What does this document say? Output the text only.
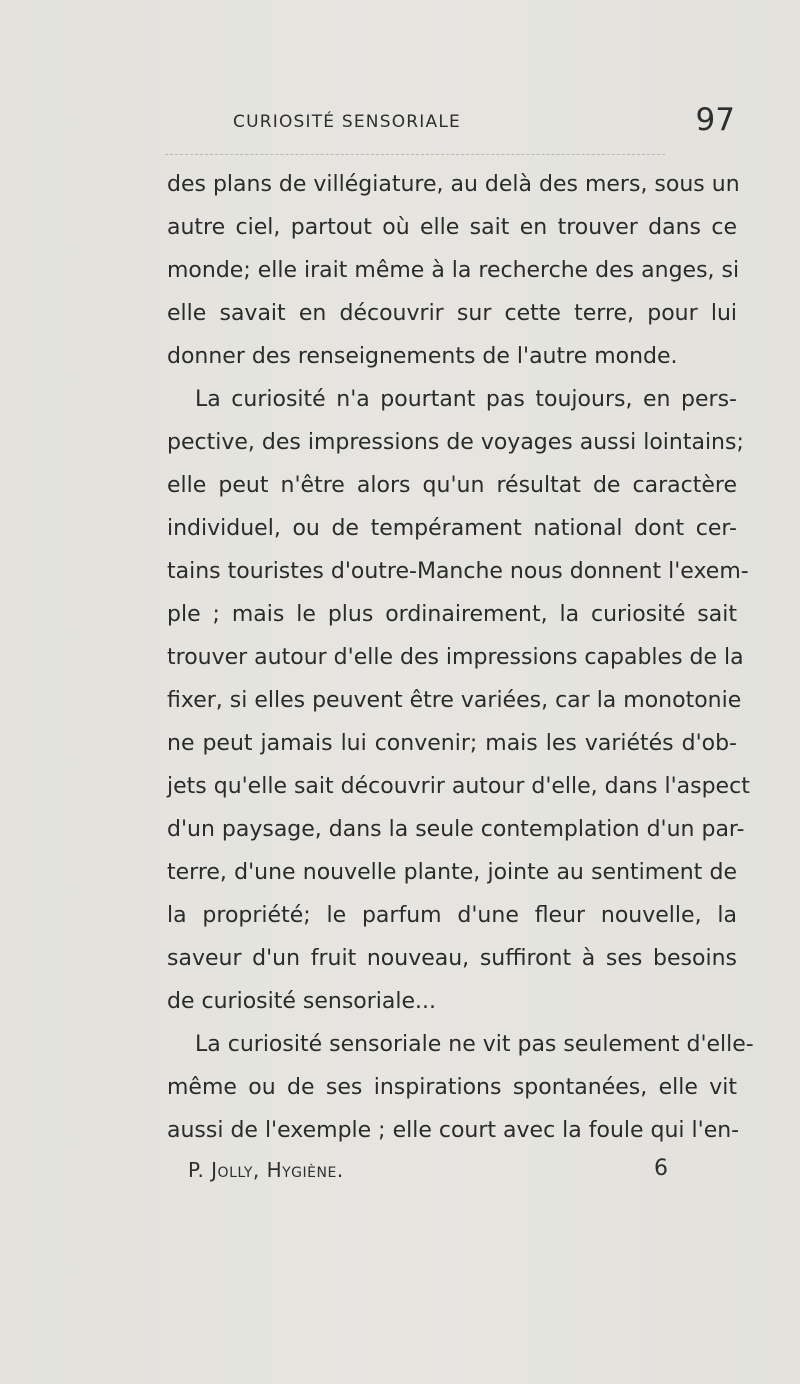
CURIOSITÉ SENSORIALE	97
des plans de villégiature, au delà des mers, sous un
autre ciel, partout où elle sait en trouver dans ce
monde; elle irait même à la recherche des anges, si
elle savait en découvrir sur cette terre, pour lui
donner des renseignements de l'autre monde.
La curiosité n'a pourtant pas toujours, en pers-
pective, des impressions de voyages aussi lointains;
elle peut n'être alors qu'un résultat de caractère
individuel, ou de tempérament national dont cer-
tains touristes d'outre-Manche nous donnent l'exem-
ple ; mais le plus ordinairement, la curiosité sait
trouver autour d'elle des impressions capables de la
fixer, si elles peuvent être variées, car la monotonie
ne peut jamais lui convenir; mais les variétés d'ob-
jets qu'elle sait découvrir autour d'elle, dans l'aspect
d'un paysage, dans la seule contemplation d'un par-
terre, d'une nouvelle plante, jointe au sentiment de
la propriété; le parfum d'une fleur nouvelle, la
saveur d'un fruit nouveau, suffiront à ses besoins
de curiosité sensoriale...
La curiosité sensoriale ne vit pas seulement d'elle-
même ou de ses inspirations spontanées, elle vit
aussi de l'exemple ; elle court avec la foule qui l'en-
P. Jolly, Hygiène.	6
